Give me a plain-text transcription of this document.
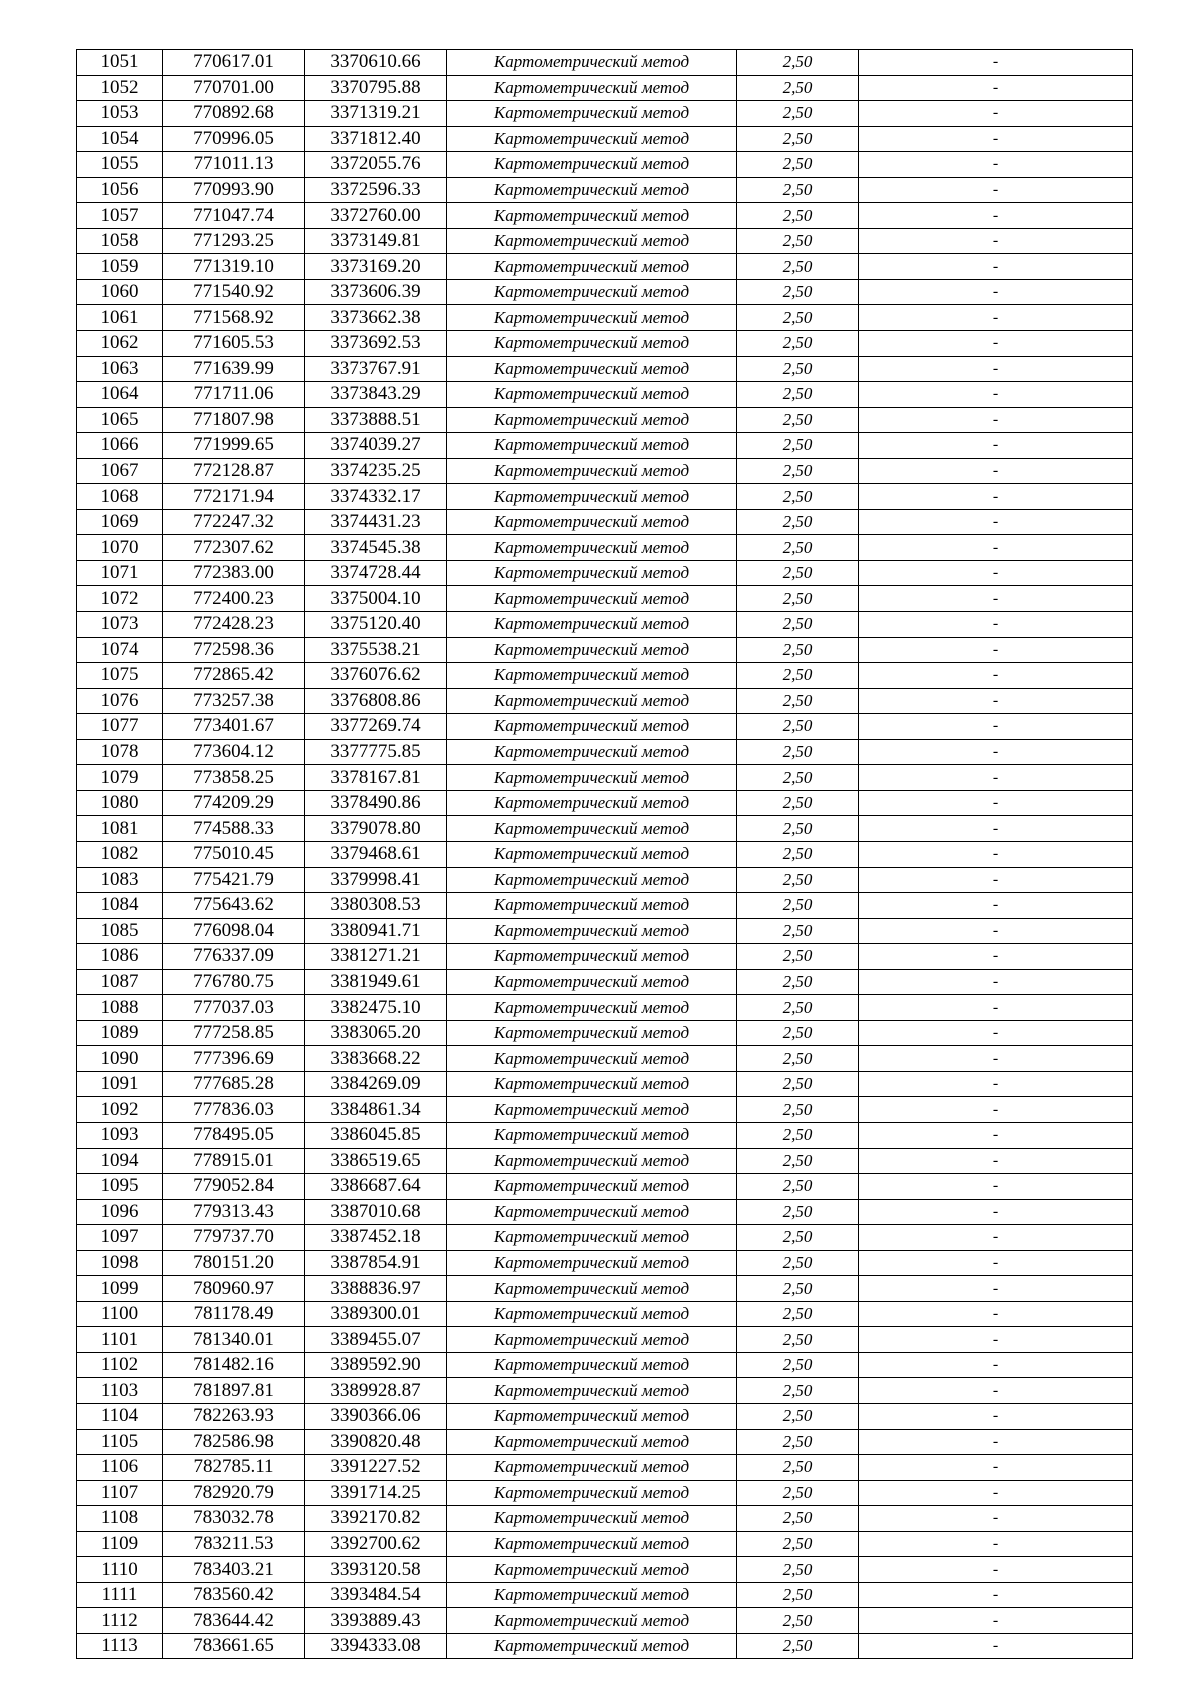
1051	770617.01	3370610.66	Картометрический метод	2,50	-
1052	770701.00	3370795.88	Картометрический метод	2,50	-
1053	770892.68	3371319.21	Картометрический метод	2,50	-
1054	770996.05	3371812.40	Картометрический метод	2,50	-
1055	771011.13	3372055.76	Картометрический метод	2,50	-
1056	770993.90	3372596.33	Картометрический метод	2,50	-
1057	771047.74	3372760.00	Картометрический метод	2,50	-
1058	771293.25	3373149.81	Картометрический метод	2,50	-
1059	771319.10	3373169.20	Картометрический метод	2,50	-
1060	771540.92	3373606.39	Картометрический метод	2,50	-
1061	771568.92	3373662.38	Картометрический метод	2,50	-
1062	771605.53	3373692.53	Картометрический метод	2,50	-
1063	771639.99	3373767.91	Картометрический метод	2,50	-
1064	771711.06	3373843.29	Картометрический метод	2,50	-
1065	771807.98	3373888.51	Картометрический метод	2,50	-
1066	771999.65	3374039.27	Картометрический метод	2,50	-
1067	772128.87	3374235.25	Картометрический метод	2,50	-
1068	772171.94	3374332.17	Картометрический метод	2,50	-
1069	772247.32	3374431.23	Картометрический метод	2,50	-
1070	772307.62	3374545.38	Картометрический метод	2,50	-
1071	772383.00	3374728.44	Картометрический метод	2,50	-
1072	772400.23	3375004.10	Картометрический метод	2,50	-
1073	772428.23	3375120.40	Картометрический метод	2,50	-
1074	772598.36	3375538.21	Картометрический метод	2,50	-
1075	772865.42	3376076.62	Картометрический метод	2,50	-
1076	773257.38	3376808.86	Картометрический метод	2,50	-
1077	773401.67	3377269.74	Картометрический метод	2,50	-
1078	773604.12	3377775.85	Картометрический метод	2,50	-
1079	773858.25	3378167.81	Картометрический метод	2,50	-
1080	774209.29	3378490.86	Картометрический метод	2,50	-
1081	774588.33	3379078.80	Картометрический метод	2,50	-
1082	775010.45	3379468.61	Картометрический метод	2,50	-
1083	775421.79	3379998.41	Картометрический метод	2,50	-
1084	775643.62	3380308.53	Картометрический метод	2,50	-
1085	776098.04	3380941.71	Картометрический метод	2,50	-
1086	776337.09	3381271.21	Картометрический метод	2,50	-
1087	776780.75	3381949.61	Картометрический метод	2,50	-
1088	777037.03	3382475.10	Картометрический метод	2,50	-
1089	777258.85	3383065.20	Картометрический метод	2,50	-
1090	777396.69	3383668.22	Картометрический метод	2,50	-
1091	777685.28	3384269.09	Картометрический метод	2,50	-
1092	777836.03	3384861.34	Картометрический метод	2,50	-
1093	778495.05	3386045.85	Картометрический метод	2,50	-
1094	778915.01	3386519.65	Картометрический метод	2,50	-
1095	779052.84	3386687.64	Картометрический метод	2,50	-
1096	779313.43	3387010.68	Картометрический метод	2,50	-
1097	779737.70	3387452.18	Картометрический метод	2,50	-
1098	780151.20	3387854.91	Картометрический метод	2,50	-
1099	780960.97	3388836.97	Картометрический метод	2,50	-
1100	781178.49	3389300.01	Картометрический метод	2,50	-
1101	781340.01	3389455.07	Картометрический метод	2,50	-
1102	781482.16	3389592.90	Картометрический метод	2,50	-
1103	781897.81	3389928.87	Картометрический метод	2,50	-
1104	782263.93	3390366.06	Картометрический метод	2,50	-
1105	782586.98	3390820.48	Картометрический метод	2,50	-
1106	782785.11	3391227.52	Картометрический метод	2,50	-
1107	782920.79	3391714.25	Картометрический метод	2,50	-
1108	783032.78	3392170.82	Картометрический метод	2,50	-
1109	783211.53	3392700.62	Картометрический метод	2,50	-
1110	783403.21	3393120.58	Картометрический метод	2,50	-
1111	783560.42	3393484.54	Картометрический метод	2,50	-
1112	783644.42	3393889.43	Картометрический метод	2,50	-
1113	783661.65	3394333.08	Картометрический метод	2,50	-
